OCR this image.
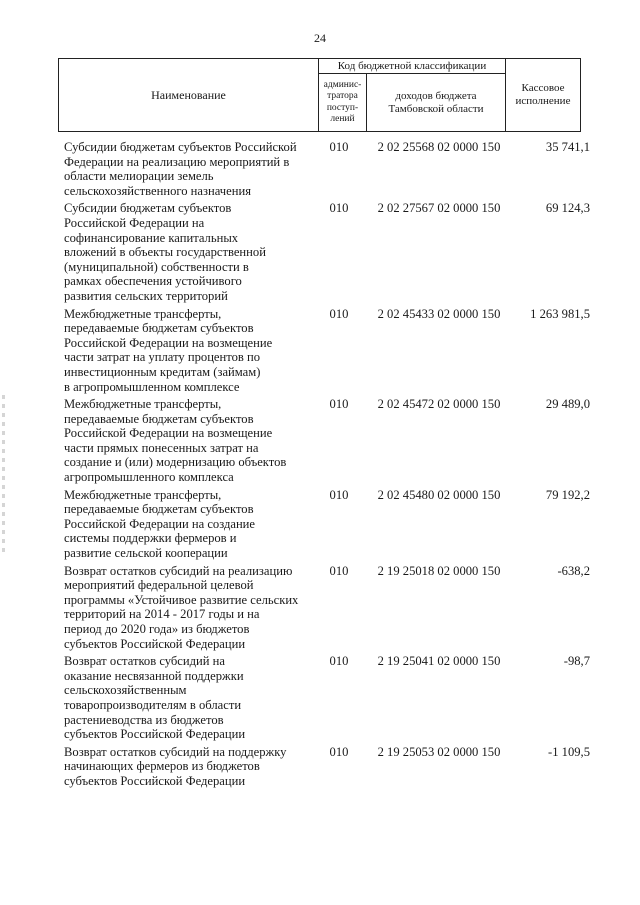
24
Наименование
Код бюджетной классификации
админис-
тратора
поступ-
лений
доходов бюджета
Тамбовской области
Кассовое
исполнение
Субсидии бюджетам субъектов Российской
Федерации на реализацию мероприятий в
области мелиорации земель
сельскохозяйственного назначения
010	2 02 25568 02 0000 150	35 741,1
Субсидии бюджетам субъектов
Российской Федерации на
софинансирование капитальных
вложений в объекты государственной
(муниципальной) собственности в
рамках обеспечения устойчивого
развития сельских территорий
010	2 02 27567 02 0000 150	69 124,3
Межбюджетные трансферты,
передаваемые бюджетам субъектов
Российской Федерации на возмещение
части затрат на уплату процентов по
инвестиционным кредитам (займам)
в агропромышленном комплексе
010	2 02 45433 02 0000 150	1 263 981,5
Межбюджетные трансферты,
передаваемые бюджетам субъектов
Российской Федерации на возмещение
части прямых понесенных затрат на
создание и (или) модернизацию объектов
агропромышленного комплекса
010	2 02 45472 02 0000 150	29 489,0
Межбюджетные трансферты,
передаваемые бюджетам субъектов
Российской Федерации на создание
системы поддержки фермеров и
развитие сельской кооперации
010	2 02 45480 02 0000 150	79 192,2
Возврат остатков субсидий на реализацию
мероприятий федеральной целевой
программы «Устойчивое развитие сельских
территорий на 2014 - 2017 годы и на
период до 2020 года» из бюджетов
субъектов Российской Федерации
010	2 19 25018 02 0000 150	-638,2
Возврат остатков субсидий на
оказание несвязанной поддержки
сельскохозяйственным
товаропроизводителям в области
растениеводства из бюджетов
субъектов Российской Федерации
010	2 19 25041 02 0000 150	-98,7
Возврат остатков субсидий на поддержку
начинающих фермеров из бюджетов
субъектов Российской Федерации
010	2 19 25053 02 0000 150	-1 109,5
